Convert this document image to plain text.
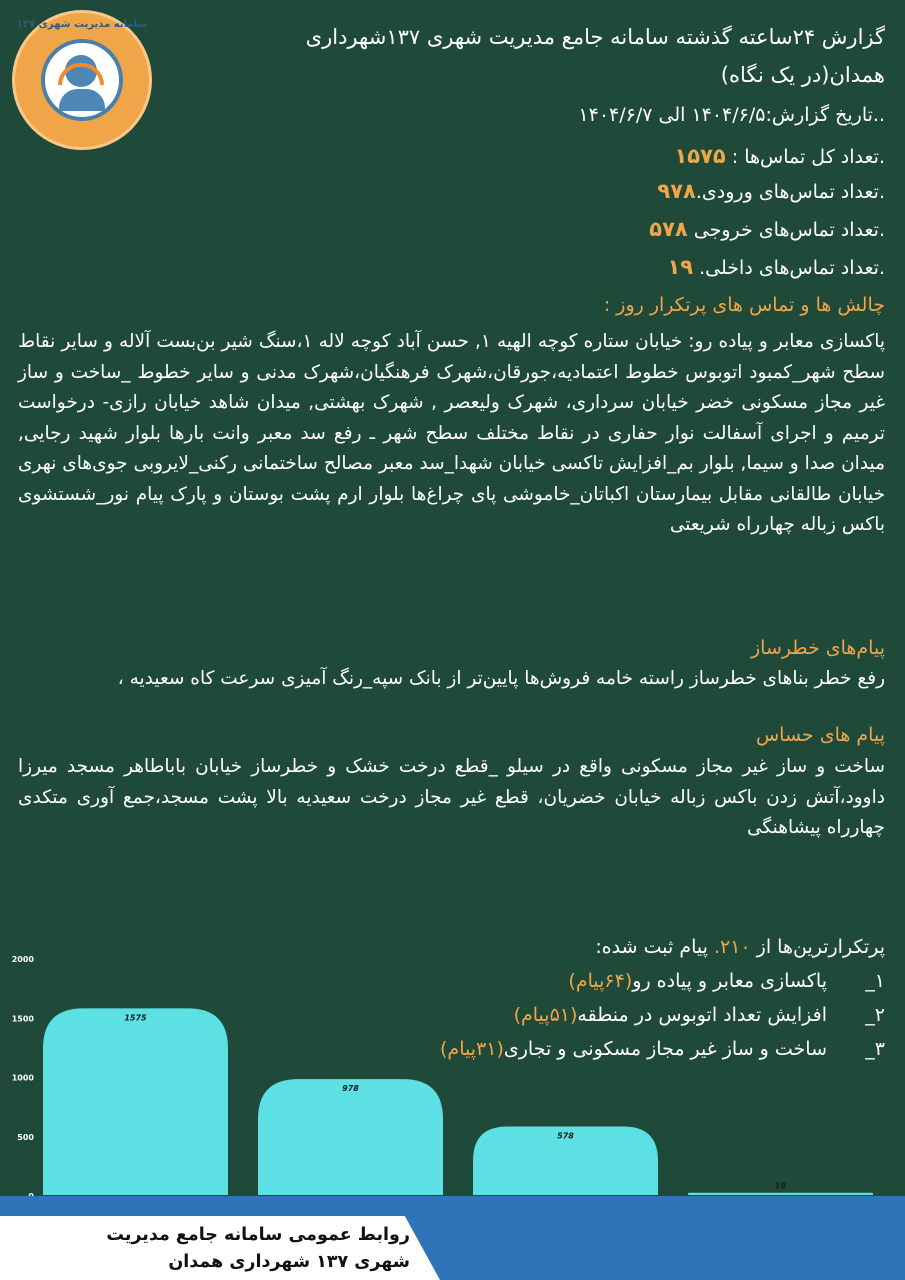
سامانه مدیریت شهری ۱۳۷
گزارش ۲۴ساعته گذشته سامانه جامع مدیریت شهری ۱۳۷شهرداری
همدان(در یک نگاه)
..تاریخ گزارش:۱۴۰۴/۶/۵ الی ۱۴۰۴/۶/۷
.تعداد کل تماس‌ها : ۱۵۷۵
.تعداد تماس‌های ورودی.۹۷۸
.تعداد تماس‌های خروجی ۵۷۸
.تعداد تماس‌های داخلی. ۱۹
چالش ها و تماس های پرتکرار روز :
پاکسازی معابر و پیاده رو: خیابان ستاره کوچه الهیه ۱, حسن آباد کوچه لاله ۱،سنگ شیر بن‌بست آلاله و سایر نقاط سطح شهر_کمبود اتوبوس خطوط اعتمادیه،جورقان،شهرک فرهنگیان،شهرک مدنی و سایر خطوط _ساخت و ساز غیر مجاز مسکونی خضر خیابان سرداری، شهرک ولیعصر , شهرک بهشتی, میدان شاهد خیابان رازی- درخواست ترمیم و اجرای آسفالت نوار حفاری در نقاط مختلف سطح شهر ـ رفع سد معبر وانت بارها بلوار شهید رجایی, میدان صدا و سیما, بلوار بم_افزایش تاکسی خیابان شهدا_سد معبر مصالح ساختمانی رکنی_لایروبی جوی‌های نهری خیابان طالقانی مقابل بیمارستان اکباتان_خاموشی پای چراغ‌ها بلوار ارم پشت بوستان و پارک پیام نور_شستشوی باکس زباله چهارراه شریعتی
پیام‌های خطرساز
رفع خطر بناهای خطرساز راسته خامه فروش‌ها پایین‌تر از بانک سپه_رنگ آمیزی سرعت کاه سعیدیه ،
پیام های حساس
ساخت و ساز غیر مجاز مسکونی واقع در سیلو _قطع درخت خشک و خطرساز خیابان باباطاهر مسجد میرزا داوود،آتش زدن باکس زباله خیابان خضریان، قطع غیر مجاز درخت سعیدیه بالا پشت مسجد،جمع آوری متکدی چهارراه پیشاهنگی
500
1000
1500
2000
1575
978
578
19
پرتکرارترین‌ها از ۲۱۰. پیام ثبت شده:
۱_
پاکسازی معابر و پیاده رو(۶۴پیام)
۲_
افزایش تعداد اتوبوس در منطقه(۵۱پیام)
۳_
ساخت و ساز غیر مجاز مسکونی و تجاری(۳۱پیام)
روابط عمومی سامانه جامع مدیریت
شهری ۱۳۷ شهرداری همدان
